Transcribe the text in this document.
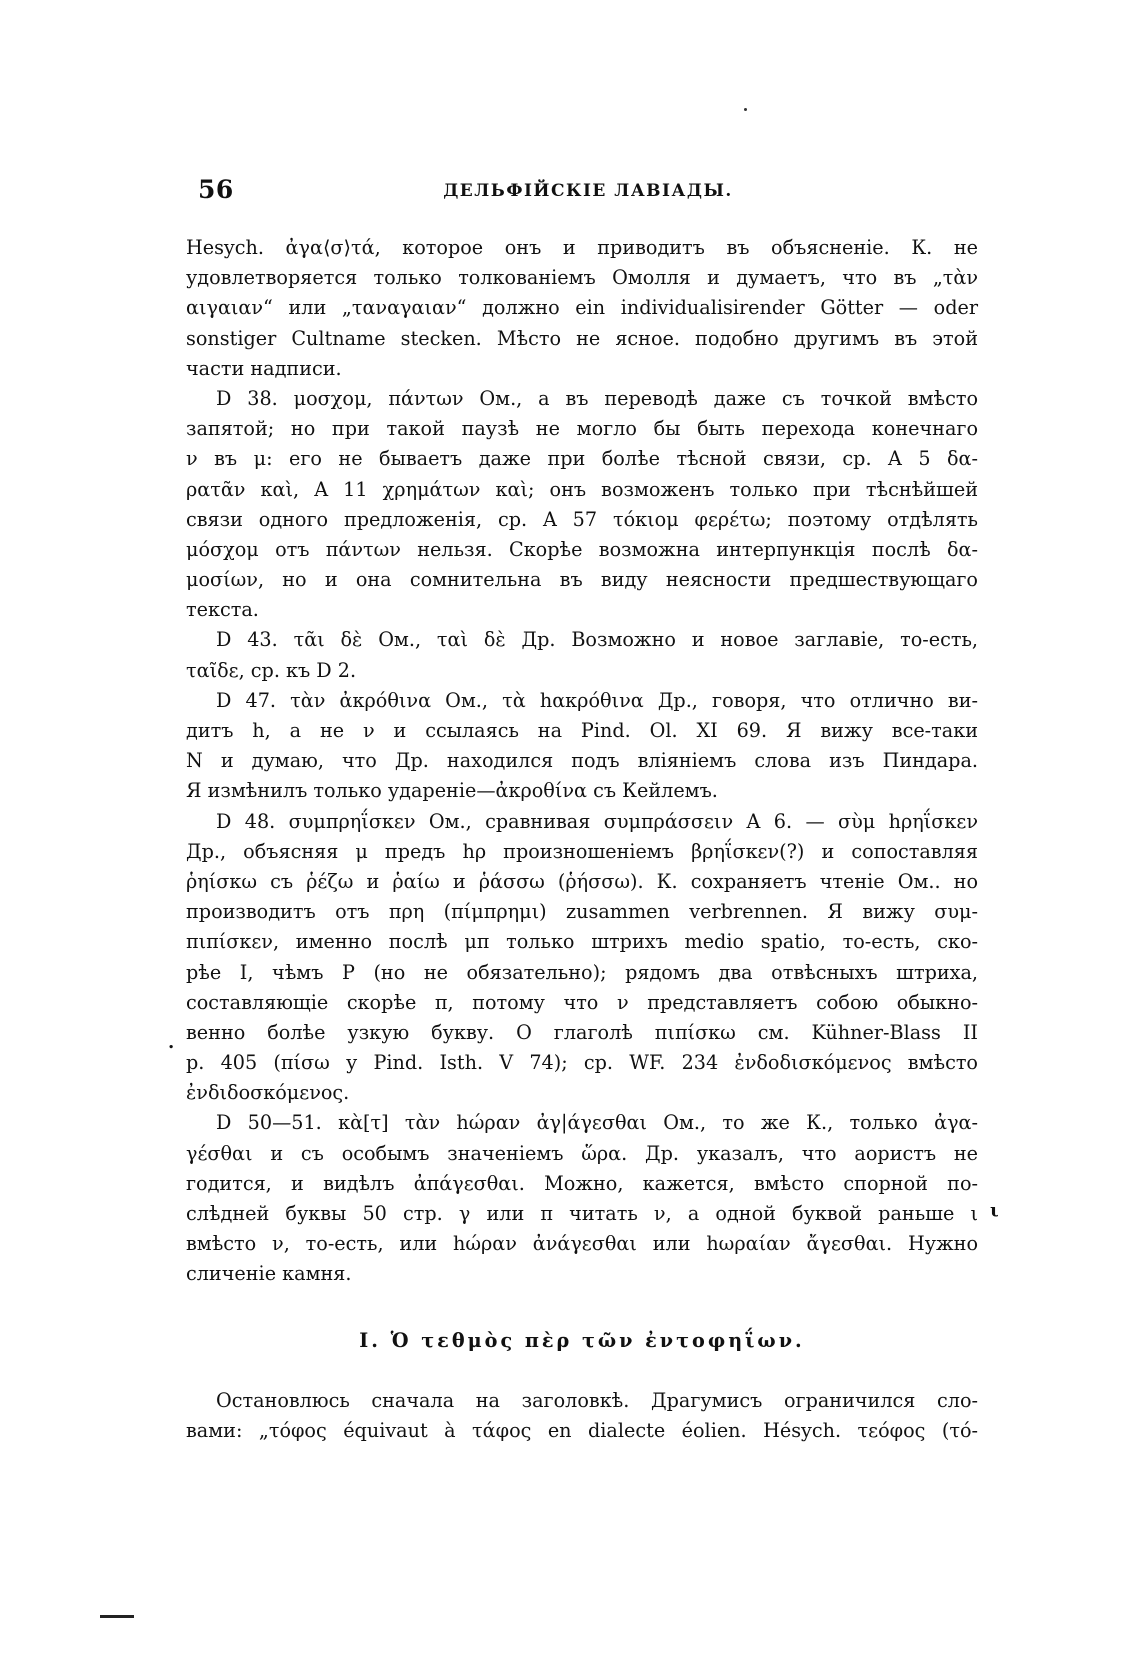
56	ДЕЛЬФІЙСКІЕ ЛАВІАДЫ.
Hesych. ἀγα⟨σ⟩τά, которое онъ и приводитъ въ объясненіе. К. не
удовлетворяется только толкованіемъ Омолля и думаетъ, что въ „τὰν
αιγαιαν“ или „ταναγαιαν“ должно ein individualisirender Götter — oder
sonstiger Cultname stecken. Мѣсто не ясное. подобно другимъ въ этой
части надписи.
D 38. μοσχομ, πάντων Ом., а въ переводѣ даже съ точкой вмѣсто
запятой; но при такой паузѣ не могло бы быть перехода конечнаго
ν въ μ: его не бываетъ даже при болѣе тѣсной связи, ср. A 5 δα-
ρατᾶν καὶ, A 11 χρημάτων καὶ; онъ возможенъ только при тѣснѣйшей
связи одного предложенія, ср. A 57 τόκιομ φερέτω; поэтому отдѣлять
μόσχομ отъ πάντων нельзя. Скорѣе возможна интерпункція послѣ δα-
μοσίων, но и она сомнительна въ виду неясности предшествующаго
текста.
D 43. τᾶι δὲ Ом., ταὶ δὲ Др. Возможно и новое заглавіе, то-есть,
ταῖδε, ср. къ D 2.
D 47. τὰν ἀκρόθινα Ом., τὰ hακρόθινα Др., говоря, что отлично ви-
дитъ h, а не ν и ссылаясь на Pind. Ol. XI 69. Я вижу все-таки
N и думаю, что Др. находился подъ вліяніемъ слова изъ Пиндара.
Я измѣнилъ только удареніе—ἀκροθίνα съ Кейлемъ.
D 48. συμπρηΐσκεν Ом., сравнивая συμπράσσειν A 6. — σὺμ hρηΐσκεν
Др., объясняя μ предъ hρ произношеніемъ βρηΐσκεν(?) и сопоставляя
ῥηίσκω съ ῥέζω и ῥαίω и ῥάσσω (ῥήσσω). К. сохраняетъ чтеніе Ом.. но
производитъ отъ πρη (πίμπρημι) zusammen verbrennen. Я вижу συμ-
πιπίσκεν, именно послѣ μπ только штрихъ medio spatio, то-есть, ско-
рѣе I, чѣмъ P (но не обязательно); рядомъ два отвѣсныхъ штриха,
составляющіе скорѣе π, потому что ν представляетъ собою обыкно-
венно болѣе узкую букву. О глаголѣ πιπίσκω см. Kühner-Blass II
p. 405 (πίσω у Pind. Isth. V 74); cp. WF. 234 ἐνδοδισκόμενος вмѣсто
ἐνδιδοσκόμενος.
D 50—51. κὰ[τ] τὰν hώραν ἀγ|άγεσθαι Ом., то же К., только ἀγα-
γέσθαι и съ особымъ значеніемъ ὥρα. Др. указалъ, что аористъ не
годится, и видѣлъ ἀπάγεσθαι. Можно, кажется, вмѣсто спорной по-
слѣдней буквы 50 стр. γ или π читать ν, а одной буквой раньше ι
вмѣсто ν, то-есть, или hώραν ἀνάγεσθαι или hωραίαν ἄγεσθαι. Нужно
сличеніе камня.
I. Ὁ τεθμὸς πὲρ τῶν ἐντοφηΐων.
Остановлюсь сначала на заголовкѣ. Драгумисъ ограничился сло-
вами: „τόφος équivaut à τάφος en dialecte éolien. Hésych. τεόφος (τό-
.
ι
